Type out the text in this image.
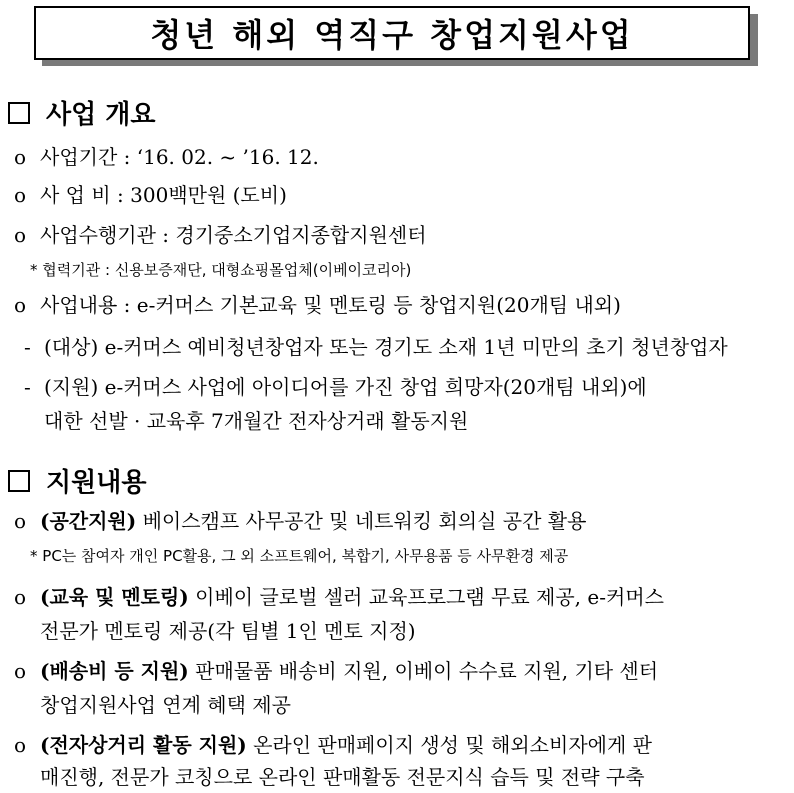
청년 해외 역직구 창업지원사업
사업 개요
o 사업기간 : ‘16. 02. ~ ’16. 12.
o 사 업 비 : 300백만원 (도비)
o 사업수행기관 : 경기중소기업지종합지원센터
* 협력기관 : 신용보증재단, 대형쇼핑몰업체(이베이코리아)
o 사업내용 : e-커머스 기본교육 및 멘토링 등 창업지원(20개팀 내외)
- (대상) e-커머스 예비청년창업자 또는 경기도 소재 1년 미만의 초기 청년창업자
- (지원) e-커머스 사업에 아이디어를 가진 창업 희망자(20개팀 내외)에
대한 선발 · 교육후 7개월간 전자상거래 활동지원
지원내용
o (공간지원) 베이스캠프 사무공간 및 네트워킹 회의실 공간 활용
* PC는 참여자 개인 PC활용, 그 외 소프트웨어, 복합기, 사무용품 등 사무환경 제공
o (교육 및 멘토링) 이베이 글로벌 셀러 교육프로그램 무료 제공, e-커머스
전문가 멘토링 제공(각 팀별 1인 멘토 지정)
o (배송비 등 지원) 판매물품 배송비 지원, 이베이 수수료 지원, 기타 센터
창업지원사업 연계 혜택 제공
o (전자상거리 활동 지원) 온라인 판매페이지 생성 및 해외소비자에게 판
매진행, 전문가 코칭으로 온라인 판매활동 전문지식 습득 및 전략 구축
